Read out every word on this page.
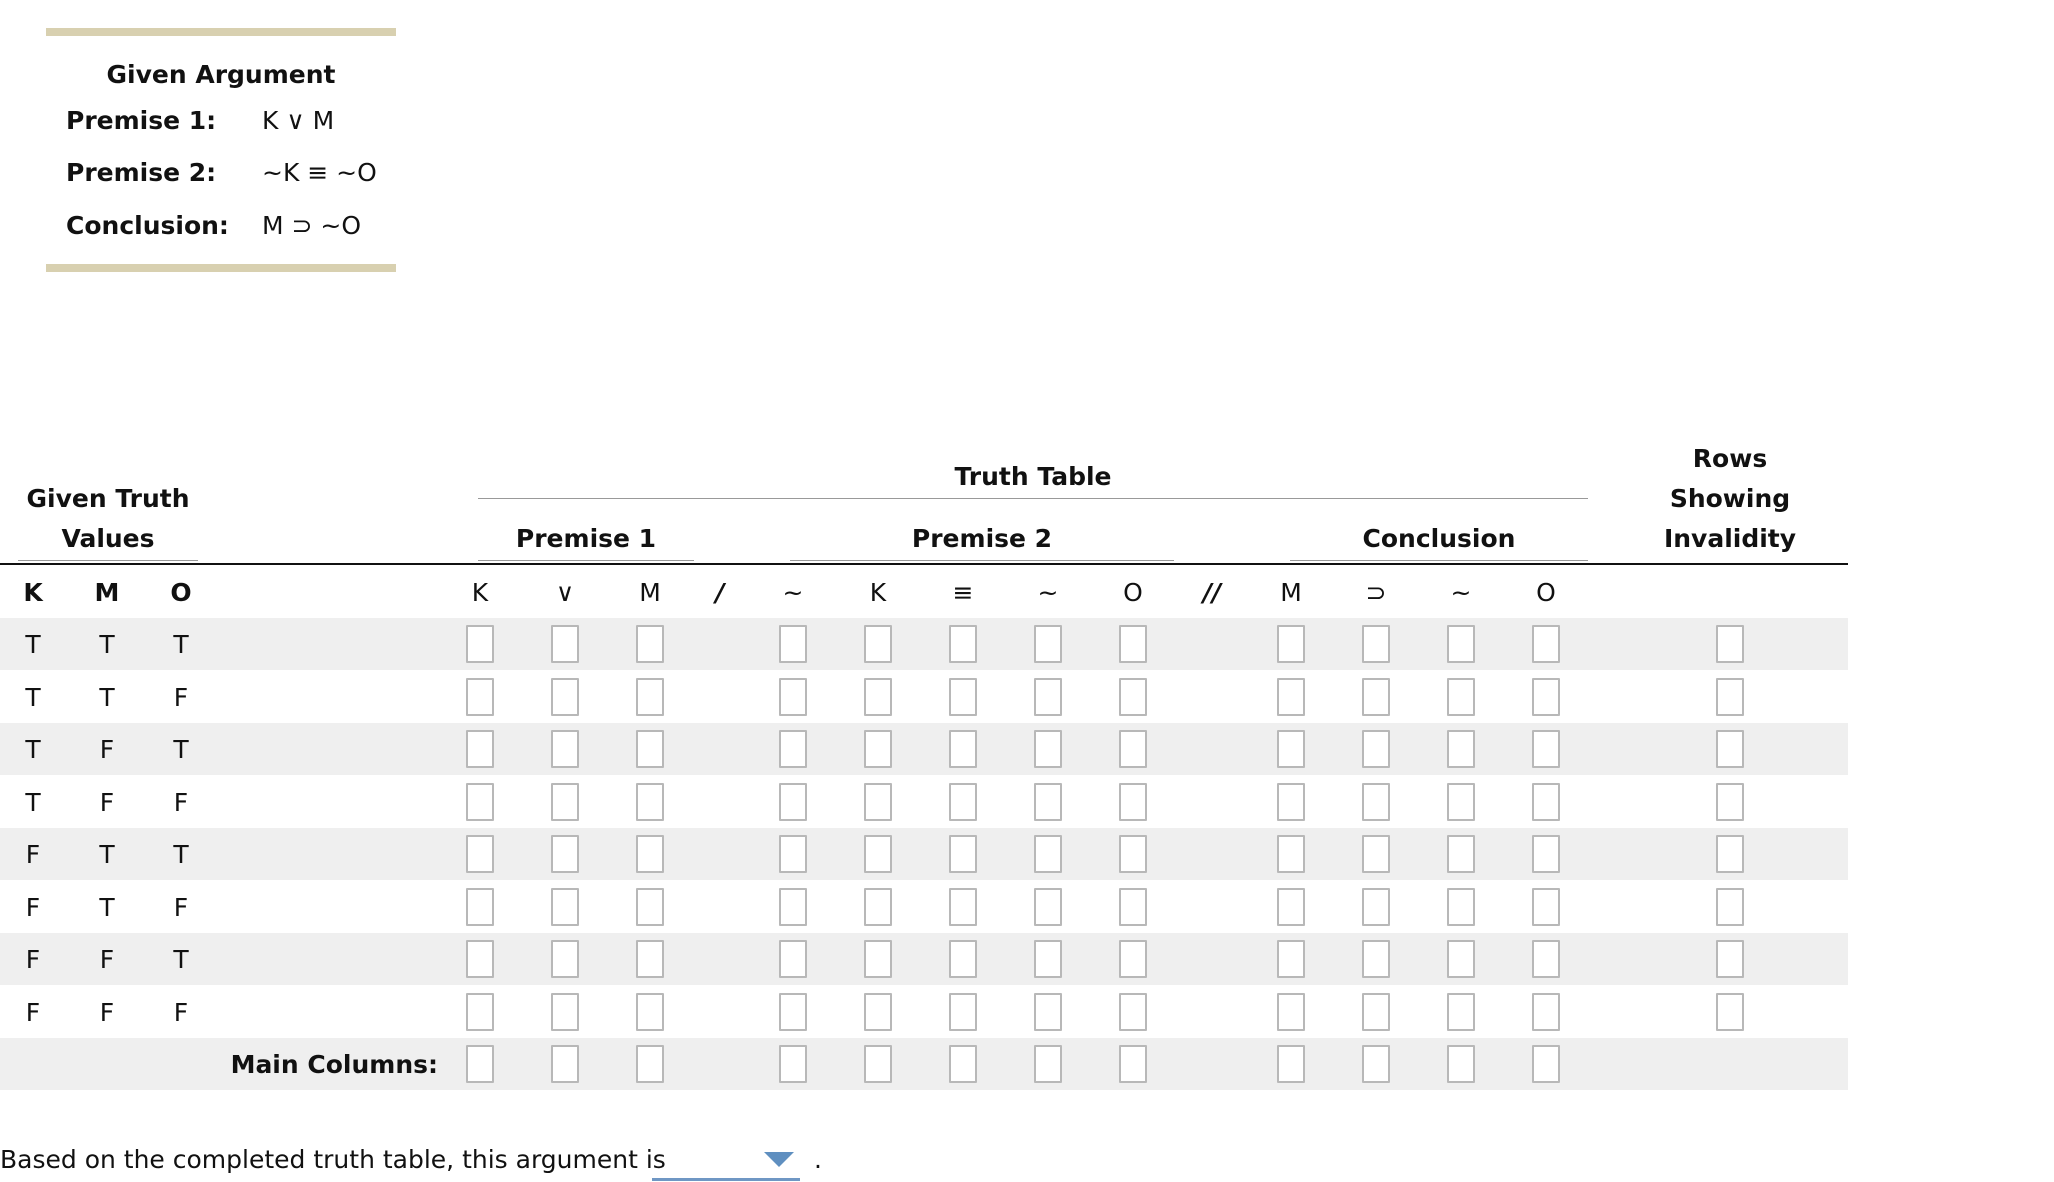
Given Argument
Premise 1: K ∨ M
Premise 2: ~K ≡ ~O
Conclusion: M ⊃ ~O
Given Truth
Values
Truth Table
Premise 1	Premise 2	Conclusion
Rows
Showing
Invalidity
K	M	O	K	∨	M	/	~	K	≡	~	O	//	M	⊃	~	O
T	T	T
T	T	F
T	F	T
T	F	F
F	T	T
F	T	F
F	F	T
F	F	F
Main Columns:
Based on the completed truth table, this argument is	.
